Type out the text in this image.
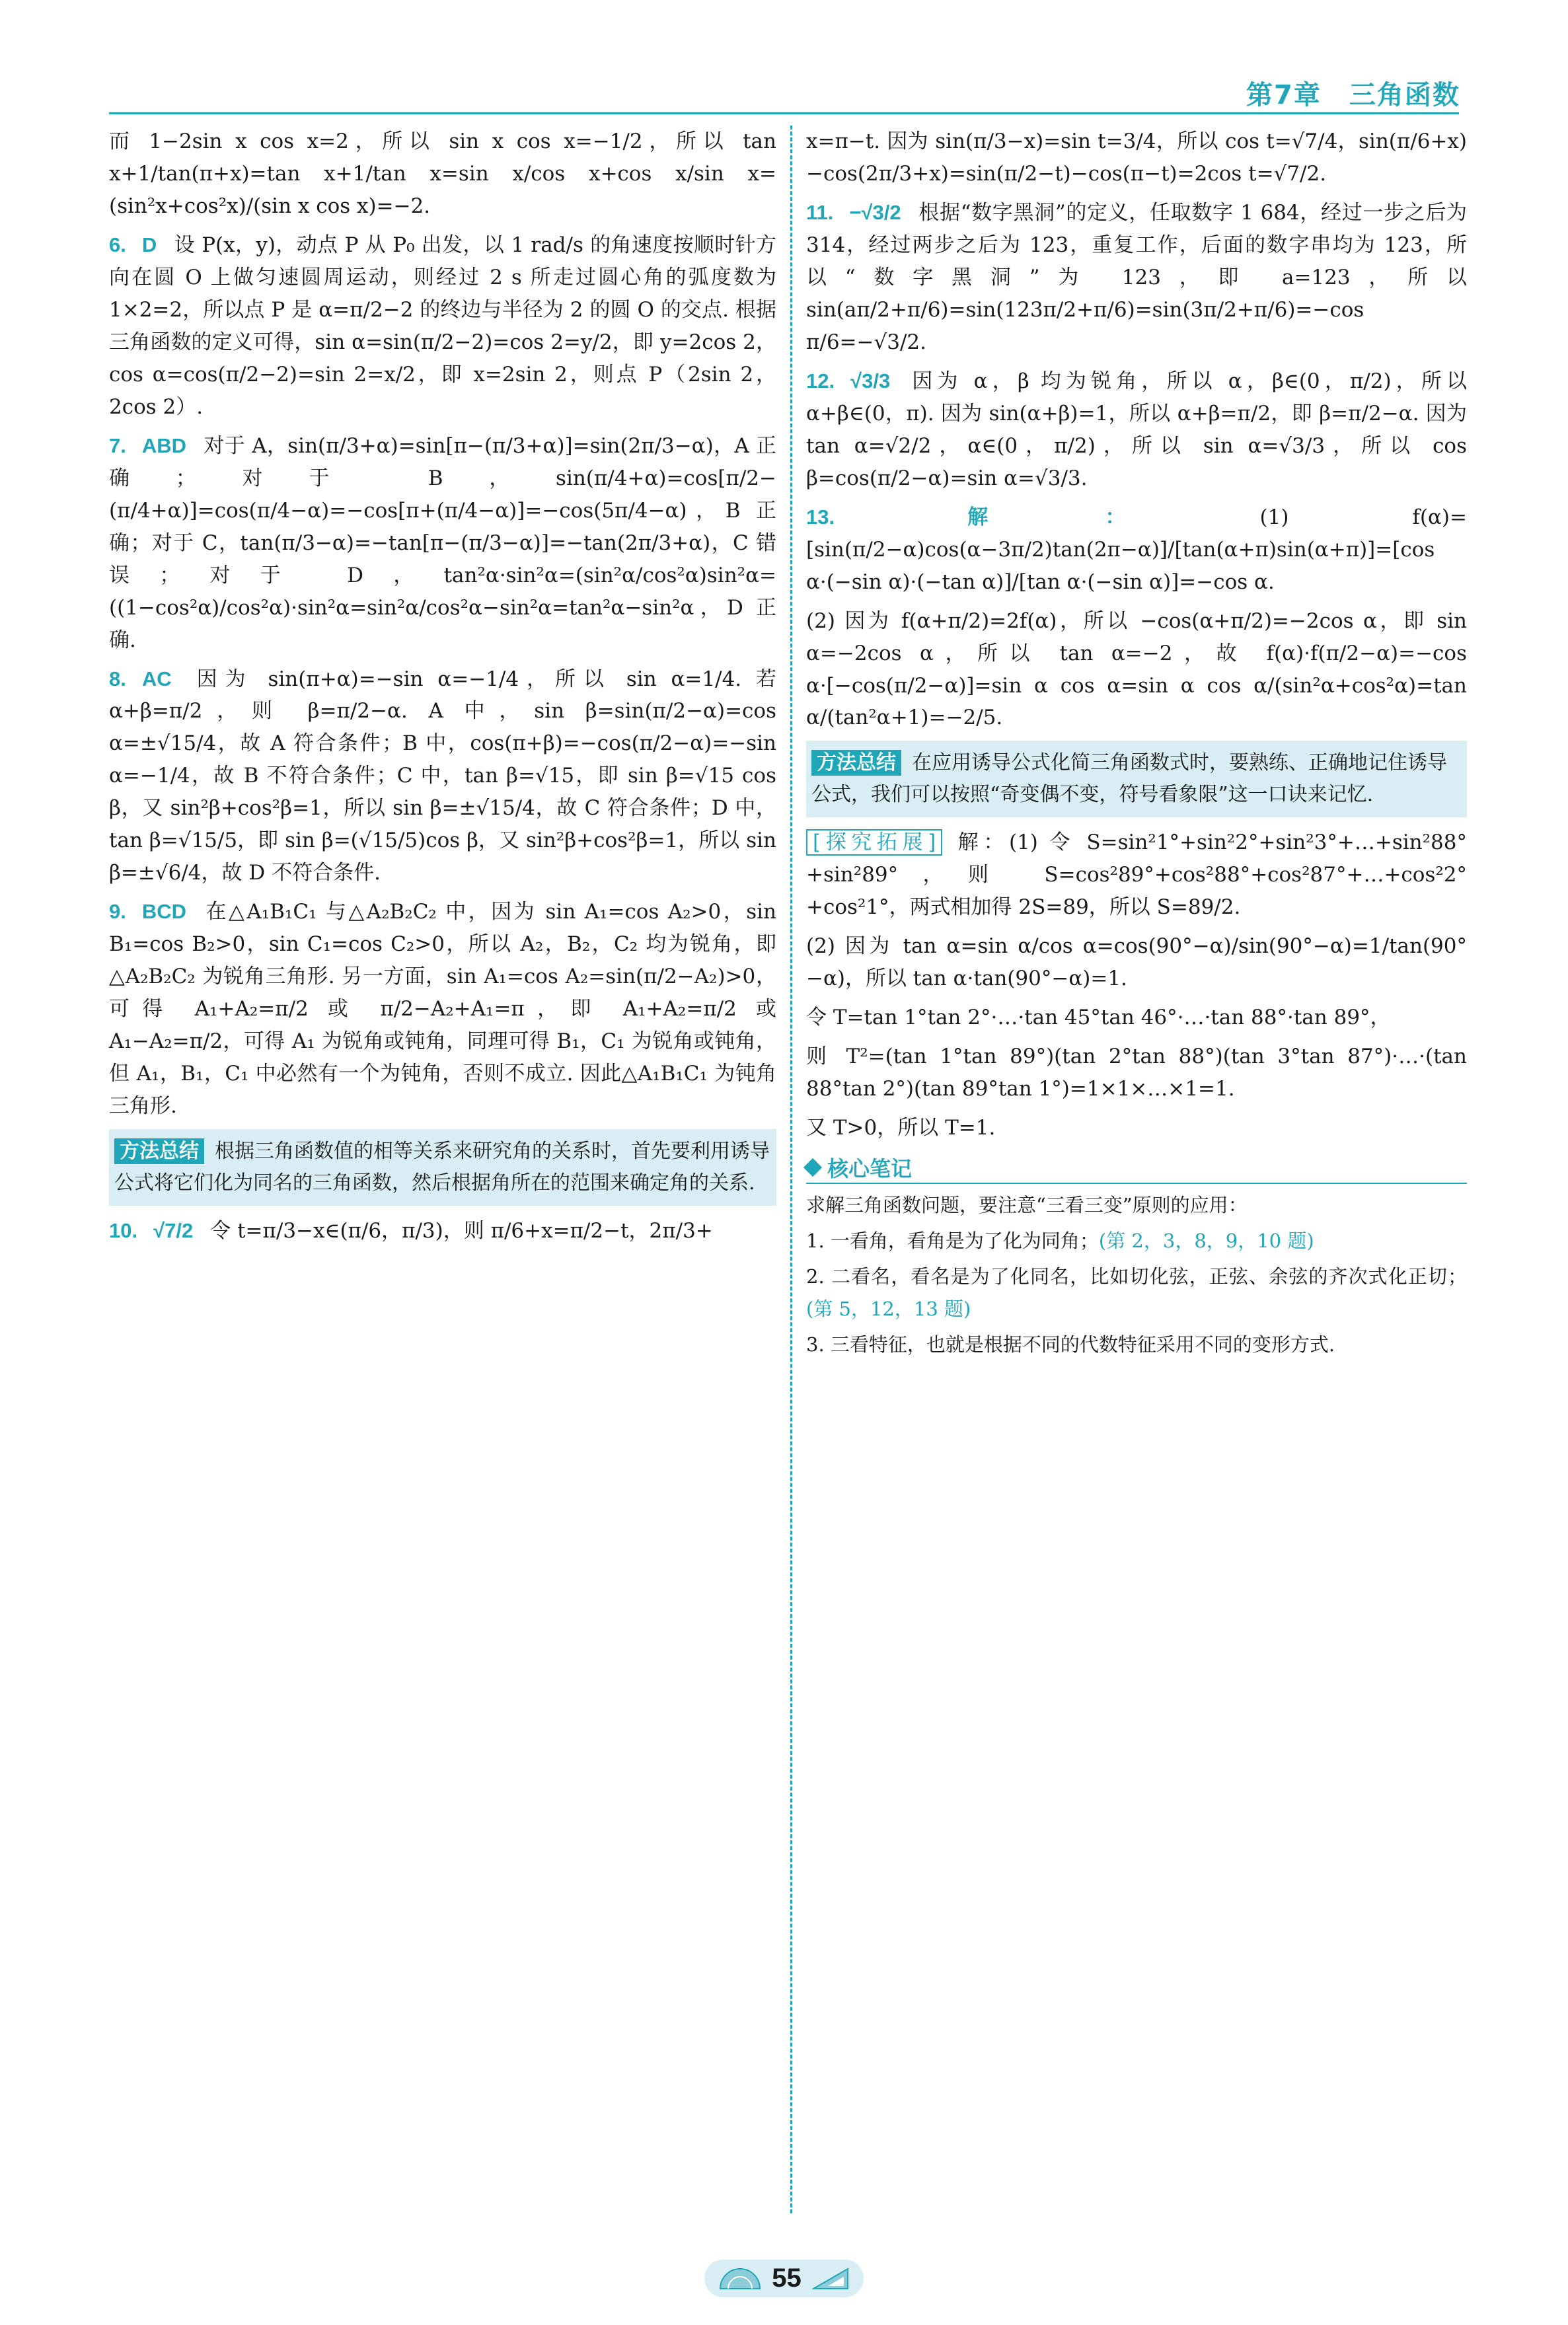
第7章　三角函数

而 1−2sin x cos x=2，所以 sin x cos x=−1/2，所以 tan x+1/tan(π+x)=tan x+1/tan x=sin x/cos x+cos x/sin x=(sin²x+cos²x)/(sin x cos x)=−2.

6. D 设 P(x，y)，动点 P 从 P₀ 出发，以 1 rad/s 的角速度按顺时针方向在圆 O 上做匀速圆周运动，则经过 2 s 所走过圆心角的弧度数为 1×2=2，所以点 P 是 α=π/2−2 的终边与半径为 2 的圆 O 的交点. 根据三角函数的定义可得，sin α=sin(π/2−2)=cos 2=y/2，即 y=2cos 2，cos α=cos(π/2−2)=sin 2=x/2，即 x=2sin 2，则点 P（2sin 2，2cos 2）.

7. ABD 对于 A，sin(π/3+α)=sin[π−(π/3+α)]=sin(2π/3−α)，A 正确；对于 B，sin(π/4+α)=cos[π/2−(π/4+α)]=cos(π/4−α)=−cos[π+(π/4−α)]=−cos(5π/4−α)，B 正确；对于 C，tan(π/3−α)=−tan[π−(π/3−α)]=−tan(2π/3+α)，C 错误；对于 D，tan²α·sin²α=(sin²α/cos²α)sin²α=((1−cos²α)/cos²α)·sin²α=sin²α/cos²α−sin²α=tan²α−sin²α，D 正确.

8. AC 因为 sin(π+α)=−sin α=−1/4，所以 sin α=1/4. 若 α+β=π/2，则 β=π/2−α. A 中，sin β=sin(π/2−α)=cos α=±√15/4，故 A 符合条件；B 中，cos(π+β)=−cos(π/2−α)=−sin α=−1/4，故 B 不符合条件；C 中，tan β=√15，即 sin β=√15 cos β，又 sin²β+cos²β=1，所以 sin β=±√15/4，故 C 符合条件；D 中，tan β=√15/5，即 sin β=(√15/5)cos β，又 sin²β+cos²β=1，所以 sin β=±√6/4，故 D 不符合条件.

9. BCD 在△A₁B₁C₁ 与△A₂B₂C₂ 中，因为 sin A₁=cos A₂>0，sin B₁=cos B₂>0，sin C₁=cos C₂>0，所以 A₂，B₂，C₂ 均为锐角，即△A₂B₂C₂ 为锐角三角形. 另一方面，sin A₁=cos A₂=sin(π/2−A₂)>0，可得 A₁+A₂=π/2 或 π/2−A₂+A₁=π，即 A₁+A₂=π/2 或 A₁−A₂=π/2，可得 A₁ 为锐角或钝角，同理可得 B₁，C₁ 为锐角或钝角，但 A₁，B₁，C₁ 中必然有一个为钝角，否则不成立. 因此△A₁B₁C₁ 为钝角三角形.

方法总结 根据三角函数值的相等关系来研究角的关系时，首先要利用诱导公式将它们化为同名的三角函数，然后根据角所在的范围来确定角的关系.

10. √7/2 令 t=π/3−x∈(π/6，π/3)，则 π/6+x=π/2−t，2π/3+

x=π−t. 因为 sin(π/3−x)=sin t=3/4，所以 cos t=√7/4，sin(π/6+x)−cos(2π/3+x)=sin(π/2−t)−cos(π−t)=2cos t=√7/2.

11. −√3/2 根据“数字黑洞”的定义，任取数字 1 684，经过一步之后为 314，经过两步之后为 123，重复工作，后面的数字串均为 123，所以“数字黑洞”为 123，即 a=123，所以 sin(aπ/2+π/6)=sin(123π/2+π/6)=sin(3π/2+π/6)=−cos π/6=−√3/2.

12. √3/3 因为 α，β 均为锐角，所以 α，β∈(0，π/2)，所以 α+β∈(0，π). 因为 sin(α+β)=1，所以 α+β=π/2，即 β=π/2−α. 因为 tan α=√2/2，α∈(0，π/2)，所以 sin α=√3/3，所以 cos β=cos(π/2−α)=sin α=√3/3.

13. 解： (1) f(α)=[sin(π/2−α)cos(α−3π/2)tan(2π−α)]/[tan(α+π)sin(α+π)]=[cos α·(−sin α)·(−tan α)]/[tan α·(−sin α)]=−cos α.

(2) 因为 f(α+π/2)=2f(α)，所以 −cos(α+π/2)=−2cos α，即 sin α=−2cos α，所以 tan α=−2，故 f(α)·f(π/2−α)=−cos α·[−cos(π/2−α)]=sin α cos α=sin α cos α/(sin²α+cos²α)=tan α/(tan²α+1)=−2/5.

方法总结 在应用诱导公式化简三角函数式时，要熟练、正确地记住诱导公式，我们可以按照“奇变偶不变，符号看象限”这一口诀来记忆.

[探究拓展] 解：(1) 令 S=sin²1°+sin²2°+sin²3°+…+sin²88°+sin²89°，则 S=cos²89°+cos²88°+cos²87°+…+cos²2°+cos²1°，两式相加得 2S=89，所以 S=89/2.

(2) 因为 tan α=sin α/cos α=cos(90°−α)/sin(90°−α)=1/tan(90°−α)，所以 tan α·tan(90°−α)=1.

令 T=tan 1°tan 2°·…·tan 45°tan 46°·…·tan 88°·tan 89°，

则 T²=(tan 1°tan 89°)(tan 2°tan 88°)(tan 3°tan 87°)·…·(tan 88°tan 2°)(tan 89°tan 1°)=1×1×…×1=1.

又 T>0，所以 T=1.

核心笔记

求解三角函数问题，要注意“三看三变”原则的应用：

1. 一看角，看角是为了化为同角；(第 2，3，8，9，10 题)

2. 二看名，看名是为了化同名，比如切化弦，正弦、余弦的齐次式化正切；(第 5，12，13 题)

3. 三看特征，也就是根据不同的代数特征采用不同的变形方式.

55
